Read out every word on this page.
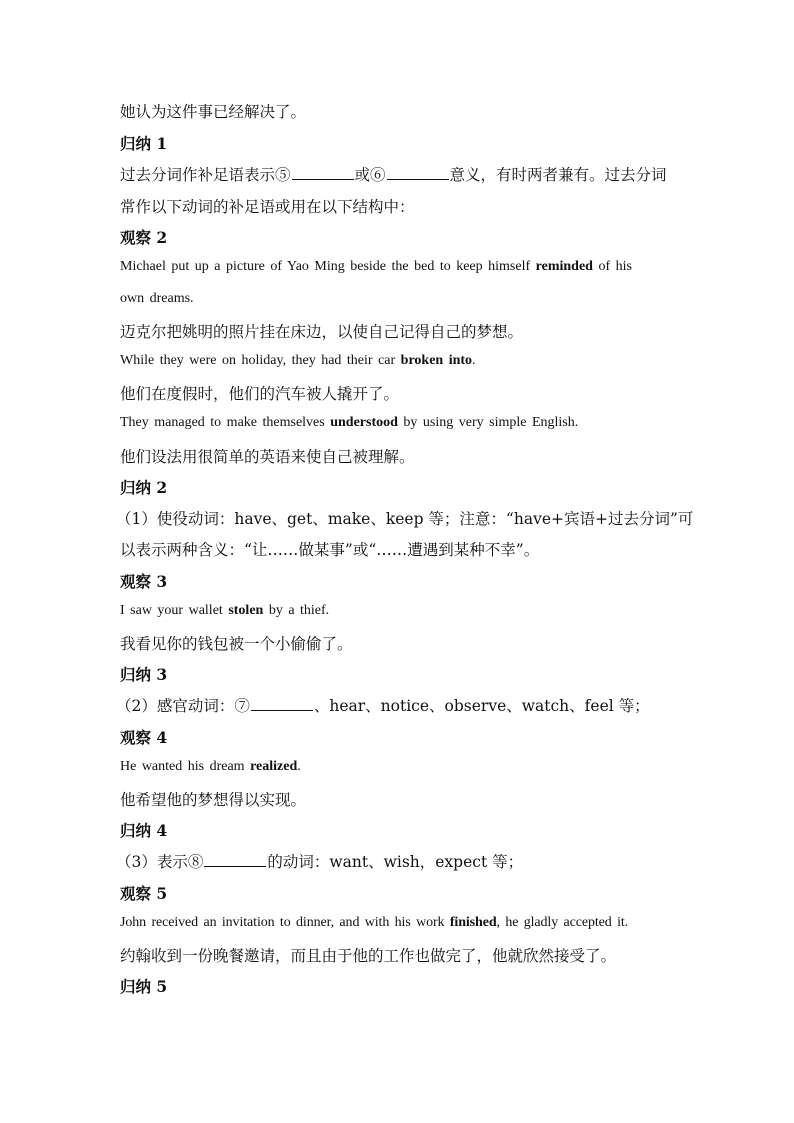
她认为这件事已经解决了。
归纳 1
过去分词作补足语表示⑤	或⑥	意义，有时两者兼有。过去分词
常作以下动词的补足语或用在以下结构中：
观察 2
Michael put up a picture of Yao Ming beside the bed to keep himself reminded of his
own dreams.
迈克尔把姚明的照片挂在床边，以使自己记得自己的梦想。
While they were on holiday, they had their car broken into.
他们在度假时，他们的汽车被人撬开了。
They managed to make themselves understood by using very simple English.
他们设法用很简单的英语来使自己被理解。
归纳 2
（1）使役动词：have、get、make、keep 等；注意：“have+宾语+过去分词”可
以表示两种含义：“让……做某事”或“……遭遇到某种不幸”。
观察 3
I saw your wallet stolen by a thief.
我看见你的钱包被一个小偷偷了。
归纳 3
（2）感官动词：⑦	、hear、notice、observe、watch、feel 等；
观察 4
He wanted his dream realized.
他希望他的梦想得以实现。
归纳 4
（3）表示⑧	的动词：want、wish，expect 等；
观察 5
John received an invitation to dinner, and with his work finished, he gladly accepted it.
约翰收到一份晚餐邀请，而且由于他的工作也做完了，他就欣然接受了。
归纳 5
